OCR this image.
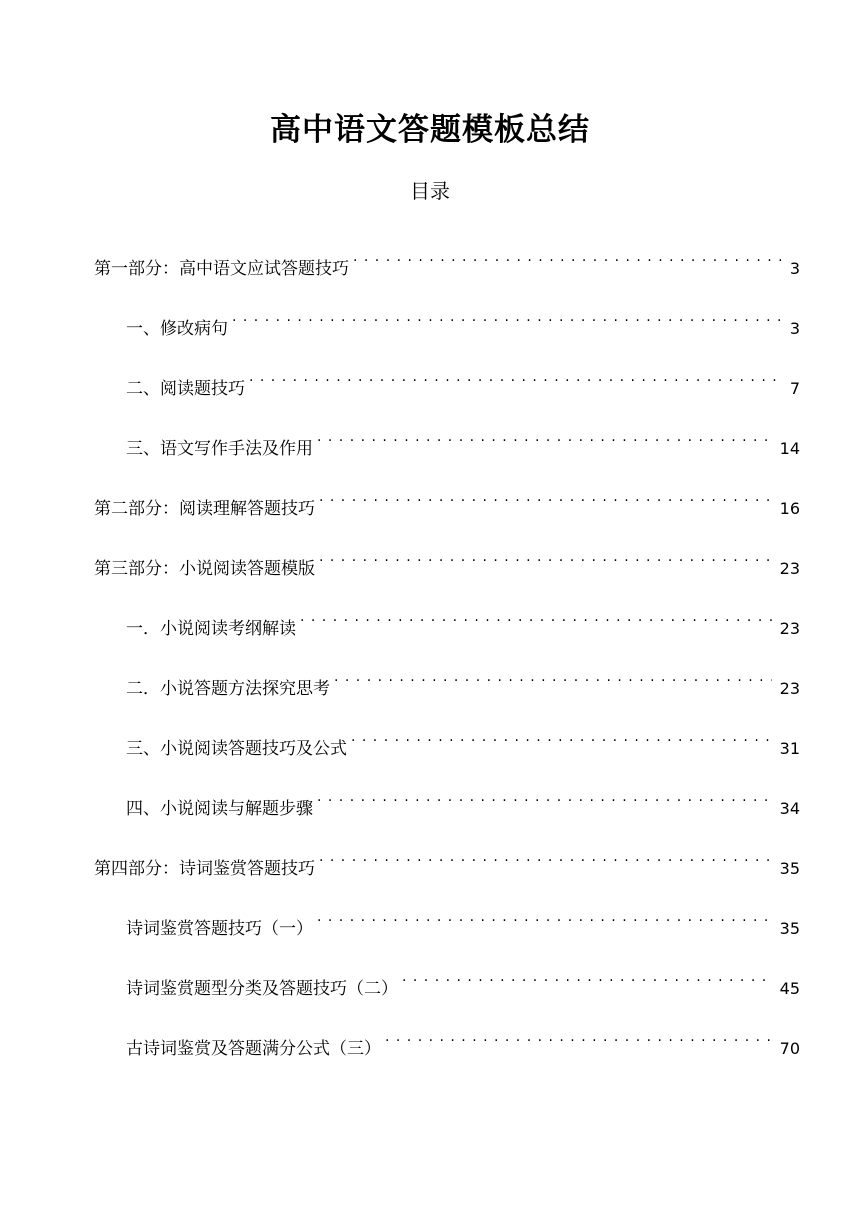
高中语文答题模板总结
目录
第一部分：高中语文应试答题技巧 . . .	3
一、修改病句 . . .	3
二、阅读题技巧 . . .	7
三、语文写作手法及作用 . . .	14
第二部分：阅读理解答题技巧 . . .	16
第三部分：小说阅读答题模版 . . .	23
一．小说阅读考纲解读 . . .	23
二．小说答题方法探究思考 . . .	23
三、小说阅读答题技巧及公式 . . .	31
四、小说阅读与解题步骤 . . .	34
第四部分：诗词鉴赏答题技巧 . . .	35
诗词鉴赏答题技巧（一） . . .	35
诗词鉴赏题型分类及答题技巧（二） . . .	45
古诗词鉴赏及答题满分公式（三） . . .	70
